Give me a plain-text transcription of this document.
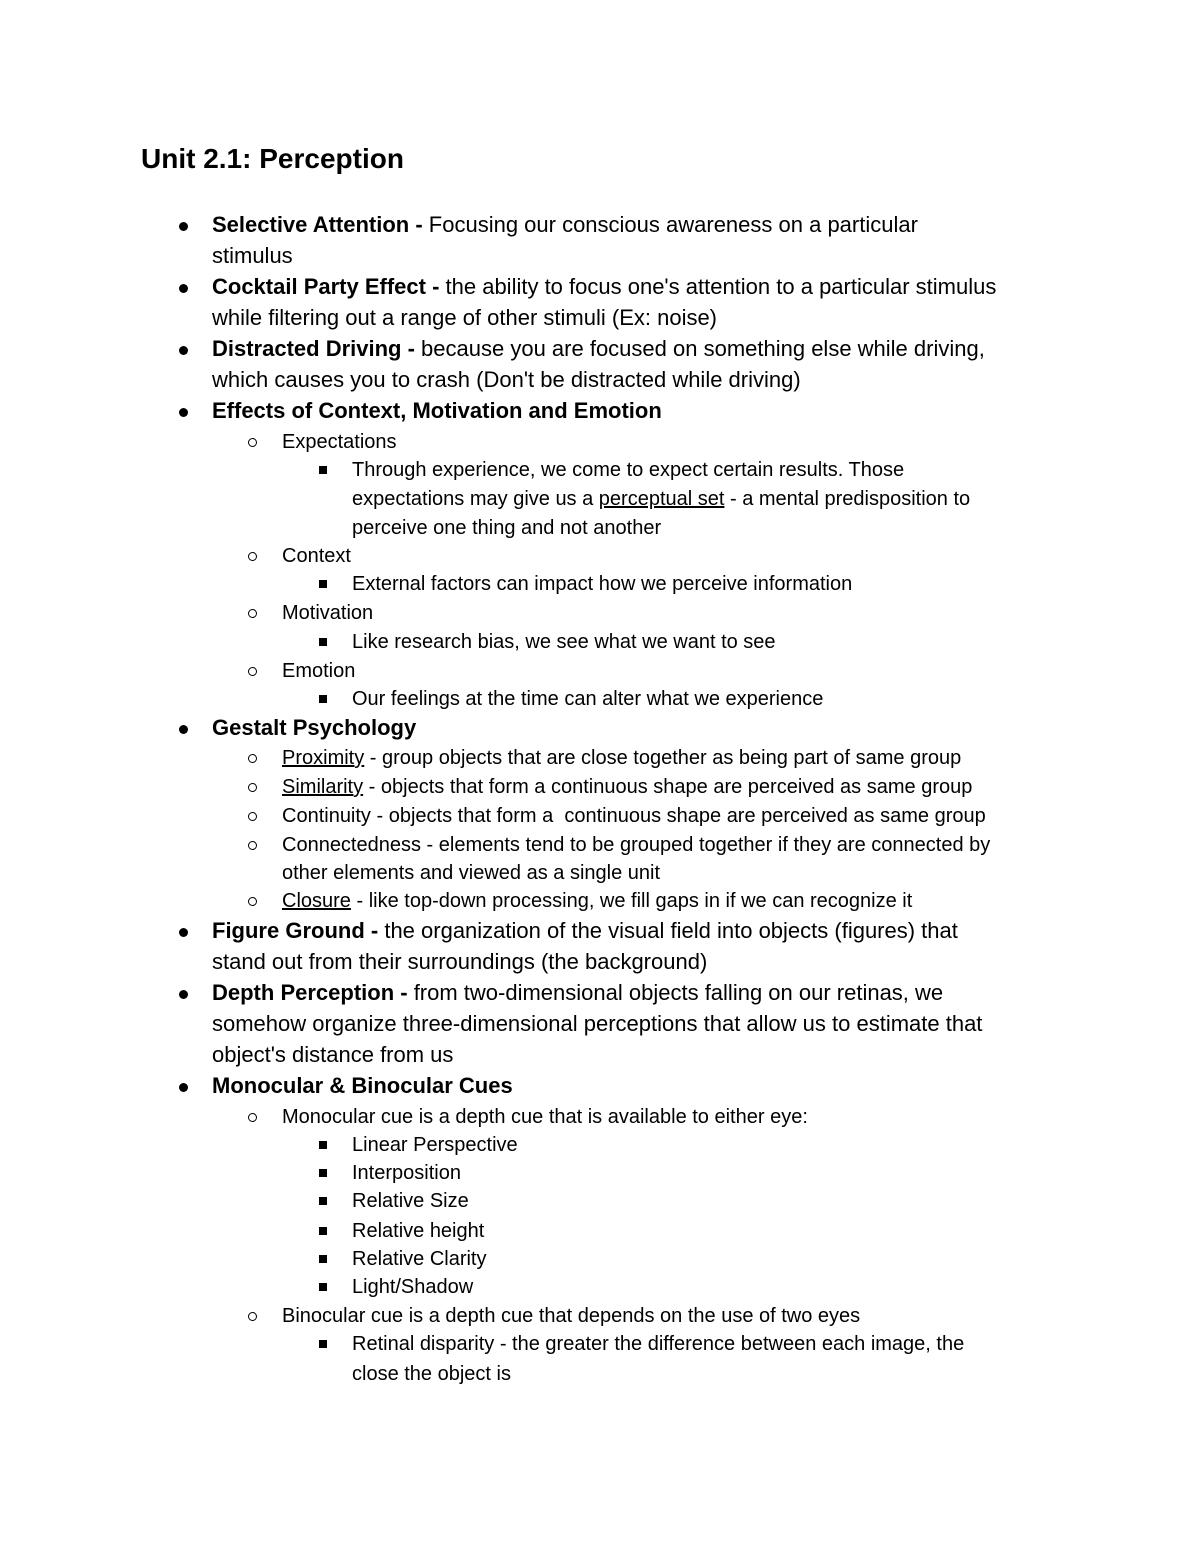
Unit 2.1: Perception
Selective Attention - Focusing our conscious awareness on a particular
stimulus
Cocktail Party Effect - the ability to focus one's attention to a particular stimulus
while filtering out a range of other stimuli (Ex: noise)
Distracted Driving - because you are focused on something else while driving,
which causes you to crash (Don't be distracted while driving)
Effects of Context, Motivation and Emotion
Expectations
Through experience, we come to expect certain results. Those
expectations may give us a perceptual set - a mental predisposition to
perceive one thing and not another
Context
External factors can impact how we perceive information
Motivation
Like research bias, we see what we want to see
Emotion
Our feelings at the time can alter what we experience
Gestalt Psychology
Proximity - group objects that are close together as being part of same group
Similarity - objects that form a continuous shape are perceived as same group
Continuity - objects that form a  continuous shape are perceived as same group
Connectedness - elements tend to be grouped together if they are connected by
other elements and viewed as a single unit
Closure - like top-down processing, we fill gaps in if we can recognize it
Figure Ground - the organization of the visual field into objects (figures) that
stand out from their surroundings (the background)
Depth Perception - from two-dimensional objects falling on our retinas, we
somehow organize three-dimensional perceptions that allow us to estimate that
object's distance from us
Monocular & Binocular Cues
Monocular cue is a depth cue that is available to either eye:
Linear Perspective
Interposition
Relative Size
Relative height
Relative Clarity
Light/Shadow
Binocular cue is a depth cue that depends on the use of two eyes
Retinal disparity - the greater the difference between each image, the
close the object is
